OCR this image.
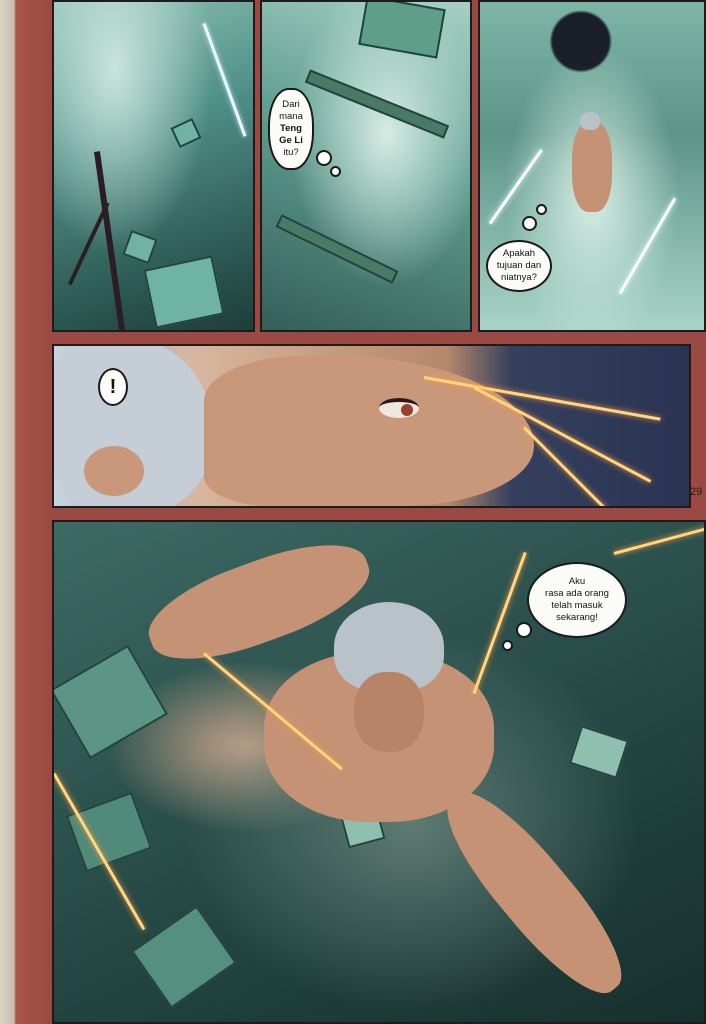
Dari
mana
Teng
Ge Li
itu?
Apakah
tujuan dan
niatnya?
!
29
Aku
rasa ada orang
telah masuk
sekarang!
